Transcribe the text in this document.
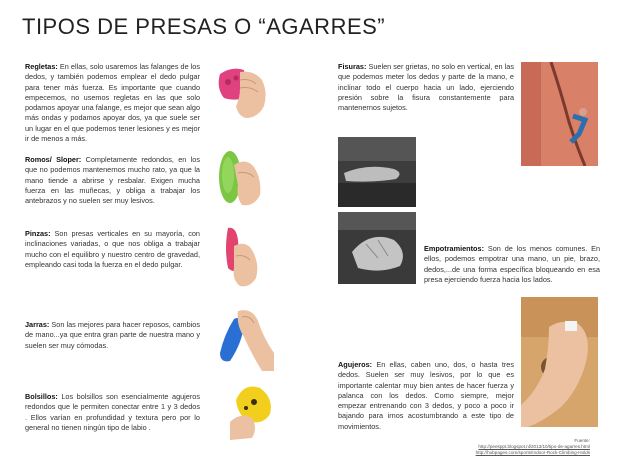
TIPOS DE PRESAS O “AGARRES”
Regletas: En ellas, solo usaremos las falanges de los dedos, y también podemos emplear el dedo pulgar para tener más fuerza. Es importante que cuando empecemos, no usemos regletas en las que solo podamos apoyar una falange, es mejor que sean algo más ondas y podamos apoyar dos, ya que suele ser un lugar en el que podemos tener lesiones y es mejor ir de menos a más.
Romos/ Sloper: Completamente redondos, en los que no podemos mantenernos mucho rato, ya que la mano tiende a abrirse y resbalar. Exigen mucha fuerza en las muñecas, y obliga a trabajar los antebrazos y no suelen ser muy lesivos.
Pinzas: Son presas verticales en su mayoría, con inclinaciones variadas, o que nos obliga a trabajar mucho con el equilibro y nuestro centro de gravedad, empleando casi toda la fuerza en el dedo pulgar.
Jarras: Son las mejores para hacer reposos, cambios de mano...ya que entra gran parte de nuestra mano y suelen ser muy cómodas.
Bolsillos: Los bolsillos son esencialmente agujeros redondos que le permiten conectar entre 1 y 3 dedos . Ellos varían en profundidad y textura pero por lo general no tienen ningún tipo de labio .
Fisuras: Suelen ser grietas, no solo en vertical, en las que podemos meter los dedos y parte de la mano, e inclinar todo el cuerpo hacia un lado, ejerciendo presión sobre la fisura constantemente para mantenernos sujetos.
Empotramientos: Son de los menos comunes. En ellos, podemos empotrar una mano, un pie, brazo, dedos,...de una forma específica bloqueando en esa presa ejerciendo fuerza hacia los lados.
Agujeros: En ellas, caben uno, dos, o hasta tres dedos. Suelen ser muy lesivos, por lo que es importante calentar muy bien antes de hacer fuerza y palanca con los dedos. Como siempre, mejor empezar entrenando con 3 dedos, y poco a poco ir bajando para irnos acostumbrando a este tipo de movimientos.
Fuente:
http://peesppt.blogspot.nl/2013/10/tipo-de-agarres.html
http://hubpages.com/sports/Indoor-Rock-Climbing-Holds
